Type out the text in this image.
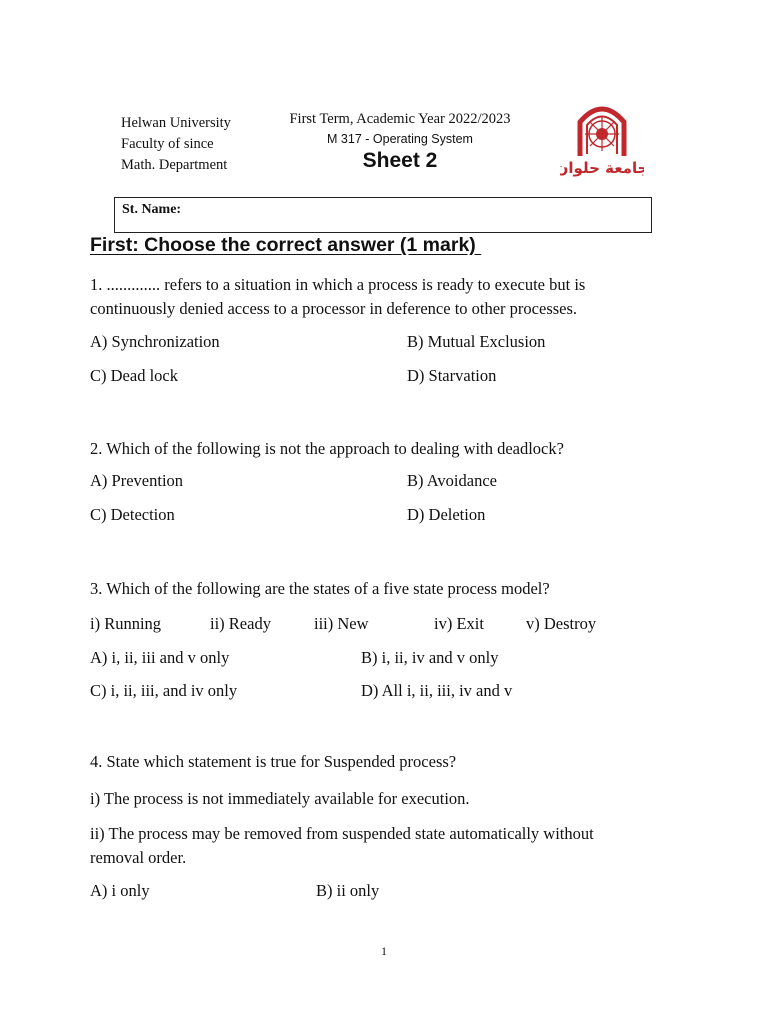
Helwan University
Faculty of since
Math. Department
First Term, Academic Year 2022/2023
M 317 - Operating System
Sheet 2	جامعة حلوان
St. Name:
First: Choose the correct answer (1 mark)
1. ............. refers to a situation in which a process is ready to execute but is continuously denied access to a processor in deference to other processes.
A) Synchronization	B) Mutual Exclusion
C) Dead lock	D) Starvation
2. Which of the following is not the approach to dealing with deadlock?
A) Prevention	B) Avoidance
C) Detection	D) Deletion
3. Which of the following are the states of a five state process model?
i) Running	ii) Ready	iii) New	iv) Exit	v) Destroy
A) i, ii, iii and v only	B) i, ii, iv and v only
C) i, ii, iii, and iv only	D) All i, ii, iii, iv and v
4. State which statement is true for Suspended process?
i) The process is not immediately available for execution.
ii) The process may be removed from suspended state automatically without removal order.
A) i only	B) ii only
1
